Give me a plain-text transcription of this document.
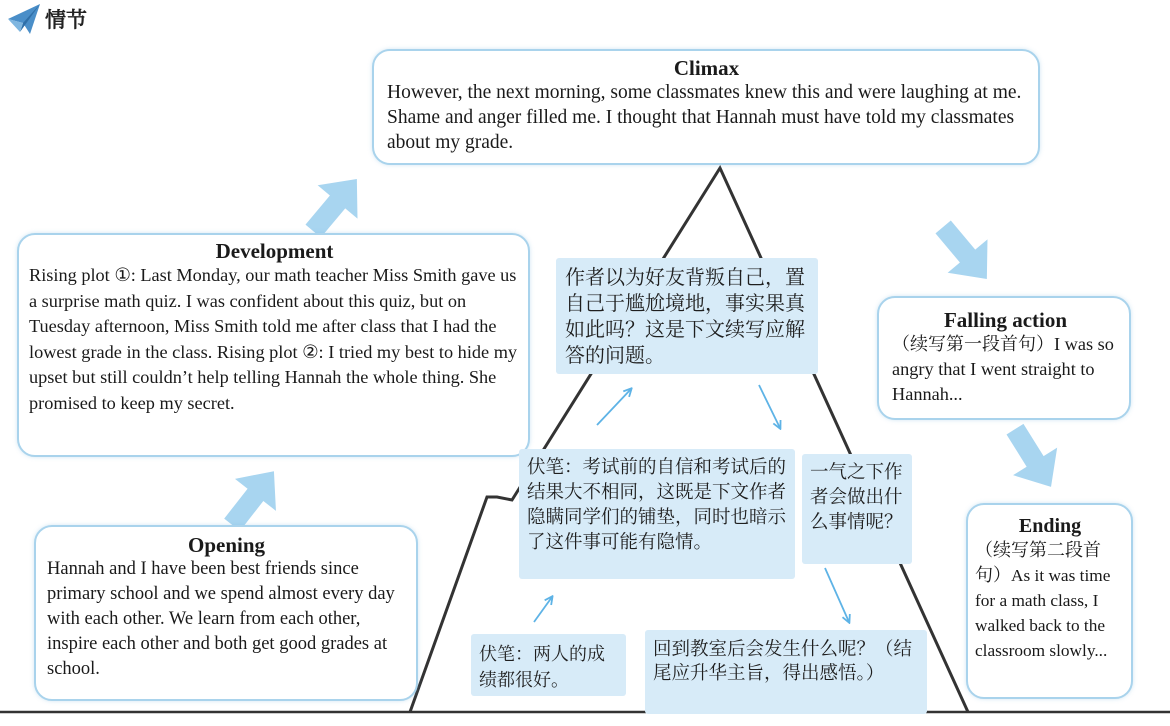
情节
Climax
However, the next morning, some classmates knew this and were laughing at me. Shame and anger filled me. I thought that Hannah must have told my classmates about my grade.
Development
Rising plot ①: Last Monday, our math teacher Miss Smith gave us a surprise math quiz. I was confident about this quiz, but on Tuesday afternoon, Miss Smith told me after class that I had the lowest grade in the class. Rising plot ②: I tried my best to hide my upset but still couldn’t help telling Hannah the whole thing. She promised to keep my secret.
Opening
Hannah and I have been best friends since primary school and we spend almost every day with each other. We learn from each other, inspire each other and both get good grades at school.
Falling action
（续写第一段首句）I was so angry that I went straight to Hannah...
Ending
（续写第二段首句）As it was time for a math class, I walked back to the classroom slowly...
作者以为好友背叛自己，置自己于尴尬境地，事实果真如此吗？这是下文续写应解答的问题。
伏笔：考试前的自信和考试后的结果大不相同，这既是下文作者隐瞒同学们的铺垫，同时也暗示了这件事可能有隐情。
一气之下作者会做出什么事情呢？
伏笔：两人的成绩都很好。
回到教室后会发生什么呢？（结尾应升华主旨，得出感悟。）
